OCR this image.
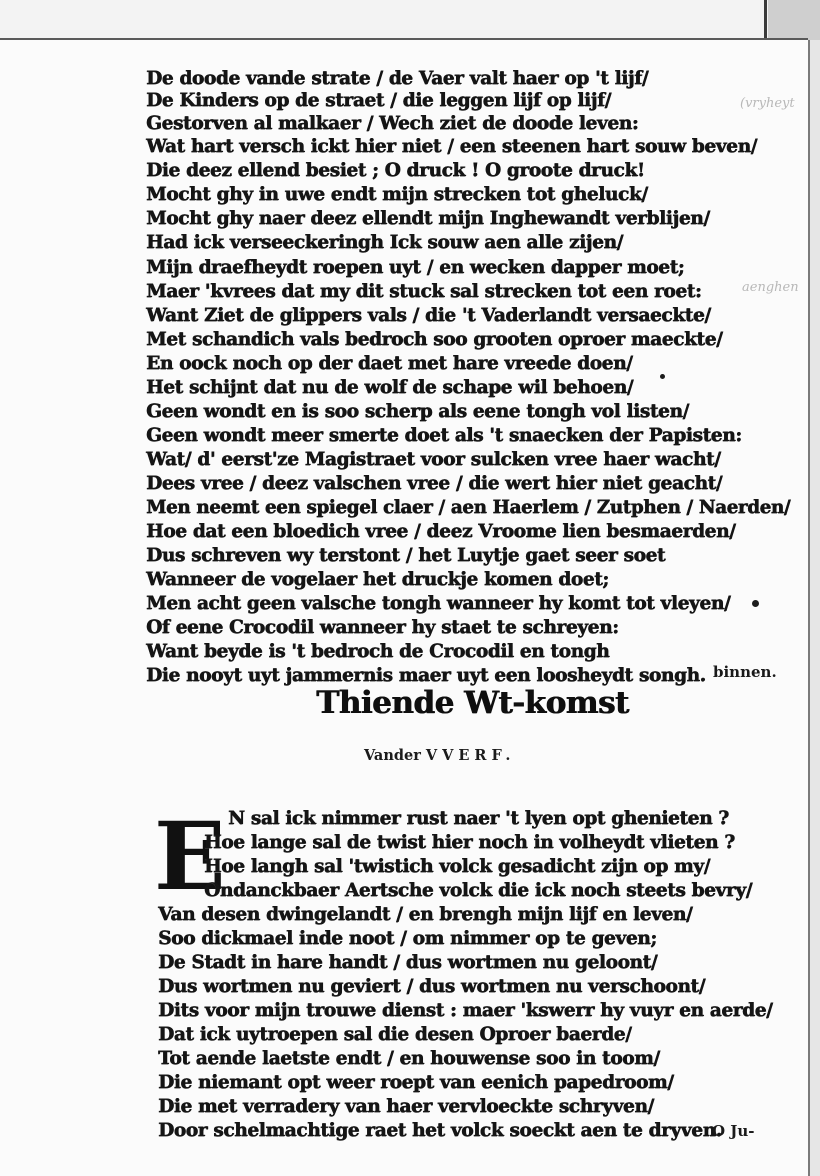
(vryheyt
aenghen
De doode vande strate / de Vaer valt haer op 't lijf/
De Kinders op de straet / die leggen lijf op lijf/
Gestorven al malkaer / Wech ziet de doode leven:
Wat hart versch ickt hier niet / een steenen hart souw beven/
Die deez ellend besiet ; O druck ! O groote druck!
Mocht ghy in uwe endt mijn strecken tot gheluck/
Mocht ghy naer deez ellendt mijn Inghewandt verblijen/
Had ick verseeckeringh Ick souw aen alle zijen/
Mijn draefheydt roepen uyt / en wecken dapper moet;
Maer 'kvrees dat my dit stuck sal strecken tot een roet:
Want Ziet de glippers vals / die 't Vaderlandt versaeckte/
Met schandich vals bedroch soo grooten oproer maeckte/
En oock noch op der daet met hare vreede doen/
Het schijnt dat nu de wolf de schape wil behoen/
Geen wondt en is soo scherp als eene tongh vol listen/
Geen wondt meer smerte doet als 't snaecken der Papisten:
Wat/ d' eerst'ze Magistraet voor sulcken vree haer wacht/
Dees vree / deez valschen vree / die wert hier niet geacht/
Men neemt een spiegel claer / aen Haerlem / Zutphen / Naerden/
Hoe dat een bloedich vree / deez Vroome lien besmaerden/
Dus schreven wy terstont / het Luytje gaet seer soet
Wanneer de vogelaer het druckje komen doet;
Men acht geen valsche tongh wanneer hy komt tot vleyen/
Of eene Crocodil wanneer hy staet te schreyen:
Want beyde is 't bedroch de Crocodil en tongh
Die nooyt uyt jammernis maer uyt een loosheydt songh. binnen.
Thiende Wt-komst
Vander VVERF.
E N sal ick nimmer rust naer 't lyen opt ghenieten ?
Hoe lange sal de twist hier noch in volheydt vlieten ?
Hoe langh sal 'twistich volck gesadicht zijn op my/
Ondanckbaer Aertsche volck die ick noch steets bevry/
Van desen dwingelandt / en brengh mijn lijf en leven/
Soo dickmael inde noot / om nimmer op te geven;
De Stadt in hare handt / dus wortmen nu geloont/
Dus wortmen nu geviert / dus wortmen nu verschoont/
Dits voor mijn trouwe dienst : maer 'kswerr hy vuyr en aerde/
Dat ick uytroepen sal die desen Oproer baerde/
Tot aende laetste endt / en houwense soo in toom/
Die niemant opt weer roept van eenich papedroom/
Die met verradery van haer vervloeckte schryven/
Door schelmachtige raet het volck soeckt aen te dryven.
O Ju-
